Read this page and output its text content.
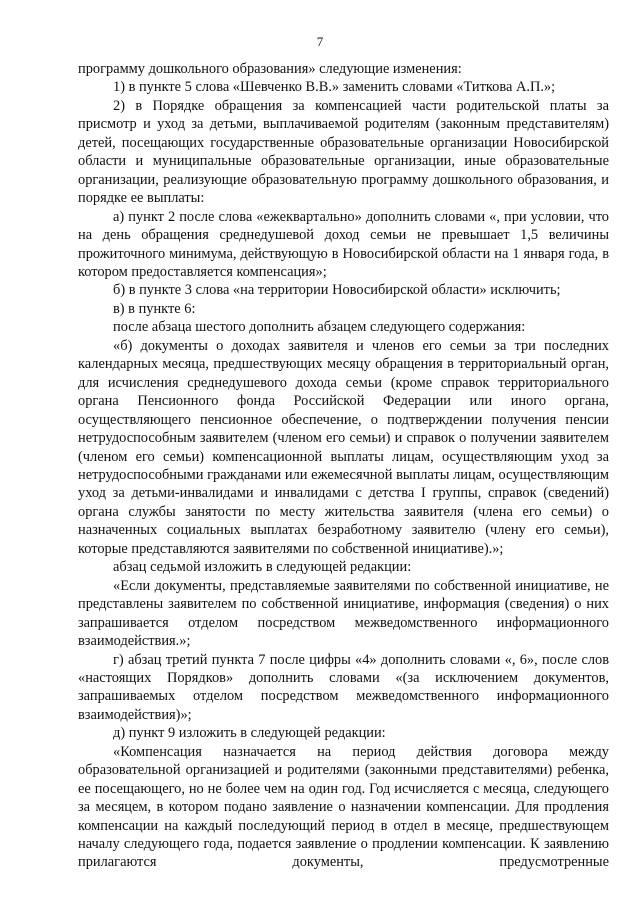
7

программу дошкольного образования» следующие изменения:

1) в пункте 5 слова «Шевченко В.В.» заменить словами «Титкова А.П.»;

2) в Порядке обращения за компенсацией части родительской платы за присмотр и уход за детьми, выплачиваемой родителям (законным представителям) детей, посещающих государственные образовательные организации Новосибирской области и муниципальные образовательные организации, иные образовательные организации, реализующие образовательную программу дошкольного образования, и порядке ее выплаты:

а) пункт 2 после слова «ежеквартально» дополнить словами «, при условии, что на день обращения среднедушевой доход семьи не превышает 1,5 величины прожиточного минимума, действующую в Новосибирской области на 1 января года, в котором предоставляется компенсация»;

б) в пункте 3 слова «на территории Новосибирской области» исключить;

в) в пункте 6:

после абзаца шестого дополнить абзацем следующего содержания:

«б) документы о доходах заявителя и членов его семьи за три последних календарных месяца, предшествующих месяцу обращения в территориальный орган, для исчисления среднедушевого дохода семьи (кроме справок территориального органа Пенсионного фонда Российской Федерации или иного органа, осуществляющего пенсионное обеспечение, о подтверждении получения пенсии нетрудоспособным заявителем (членом его семьи) и справок о получении заявителем (членом его семьи) компенсационной выплаты лицам, осуществляющим уход за нетрудоспособными гражданами или ежемесячной выплаты лицам, осуществляющим уход за детьми-инвалидами и инвалидами с детства I группы, справок (сведений) органа службы занятости по месту жительства заявителя (члена его семьи) о назначенных социальных выплатах безработному заявителю (члену его семьи), которые представляются заявителями по собственной инициативе).»;

абзац седьмой изложить в следующей редакции:

«Если документы, представляемые заявителями по собственной инициативе, не представлены заявителем по собственной инициативе, информация (сведения) о них запрашивается отделом посредством межведомственного информационного взаимодействия.»;

г) абзац третий пункта 7 после цифры «4» дополнить словами «, 6», после слов «настоящих Порядков» дополнить словами «(за исключением документов, запрашиваемых отделом посредством межведомственного информационного взаимодействия)»;

д) пункт 9 изложить в следующей редакции:

«Компенсация назначается на период действия договора между образовательной организацией и родителями (законными представителями) ребенка, ее посещающего, но не более чем на один год. Год исчисляется с месяца, следующего за месяцем, в котором подано заявление о назначении компенсации. Для продления компенсации на каждый последующий период в отдел в месяце, предшествующем началу следующего года, подается заявление о продлении компенсации. К заявлению прилагаются документы, предусмотренные
